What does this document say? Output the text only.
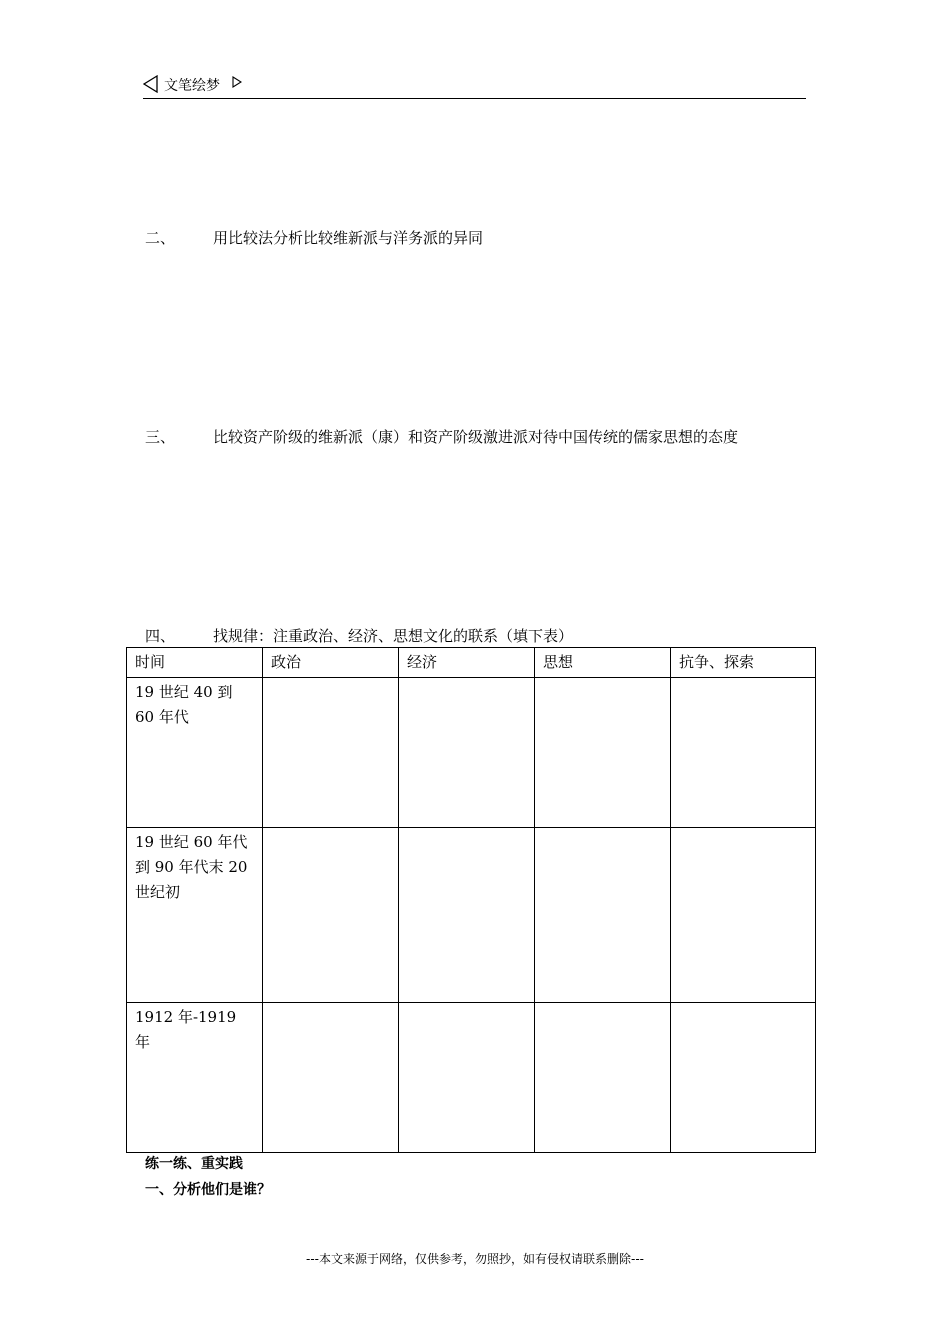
文笔绘梦
二、	用比较法分析比较维新派与洋务派的异同
三、	比较资产阶级的维新派（康）和资产阶级激进派对待中国传统的儒家思想的态度
四、	找规律：注重政治、经济、思想文化的联系（填下表）
时间	政治	经济	思想	抗争、探索
19 世纪 40 到 60 年代				
19 世纪 60 年代到 90 年代末 20 世纪初				
1912 年-1919 年				
练一练、重实践
一、分析他们是谁？
---本文来源于网络，仅供参考，勿照抄，如有侵权请联系删除---
